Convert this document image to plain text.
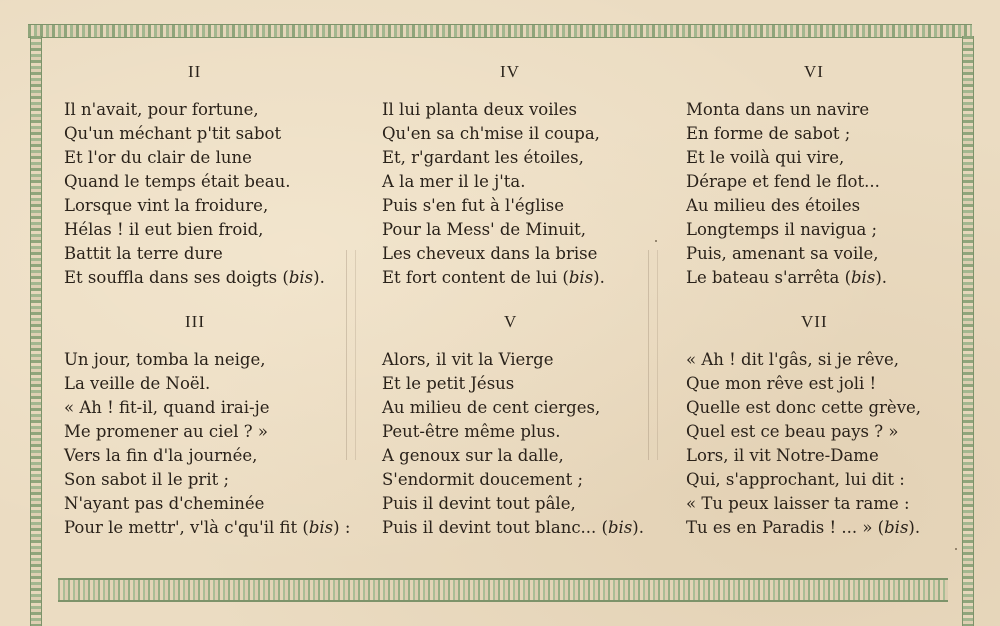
II
Il n'avait, pour fortune,
Qu'un méchant p'tit sabot
Et l'or du clair de lune
Quand le temps était beau.
Lorsque vint la froidure,
Hélas ! il eut bien froid,
Battit la terre dure
Et souffla dans ses doigts (bis).
IV
Il lui planta deux voiles
Qu'en sa ch'mise il coupa,
Et, r'gardant les étoiles,
A la mer il le j'ta.
Puis s'en fut à l'église
Pour la Mess' de Minuit,
Les cheveux dans la brise
Et fort content de lui (bis).
VI
Monta dans un navire
En forme de sabot ;
Et le voilà qui vire,
Dérape et fend le flot...
Au milieu des étoiles
Longtemps il navigua ;
Puis, amenant sa voile,
Le bateau s'arrêta (bis).
III
Un jour, tomba la neige,
La veille de Noël.
« Ah ! fit-il, quand irai-je
Me promener au ciel ? »
Vers la fin d'la journée,
Son sabot il le prit ;
N'ayant pas d'cheminée
Pour le mettr', v'là c'qu'il fit (bis) :
V
Alors, il vit la Vierge
Et le petit Jésus
Au milieu de cent cierges,
Peut-être même plus.
A genoux sur la dalle,
S'endormit doucement ;
Puis il devint tout pâle,
Puis il devint tout blanc... (bis).
VII
« Ah ! dit l'gâs, si je rêve,
Que mon rêve est joli !
Quelle est donc cette grève,
Quel est ce beau pays ? »
Lors, il vit Notre-Dame
Qui, s'approchant, lui dit :
« Tu peux laisser ta rame :
Tu es en Paradis ! ... » (bis).
